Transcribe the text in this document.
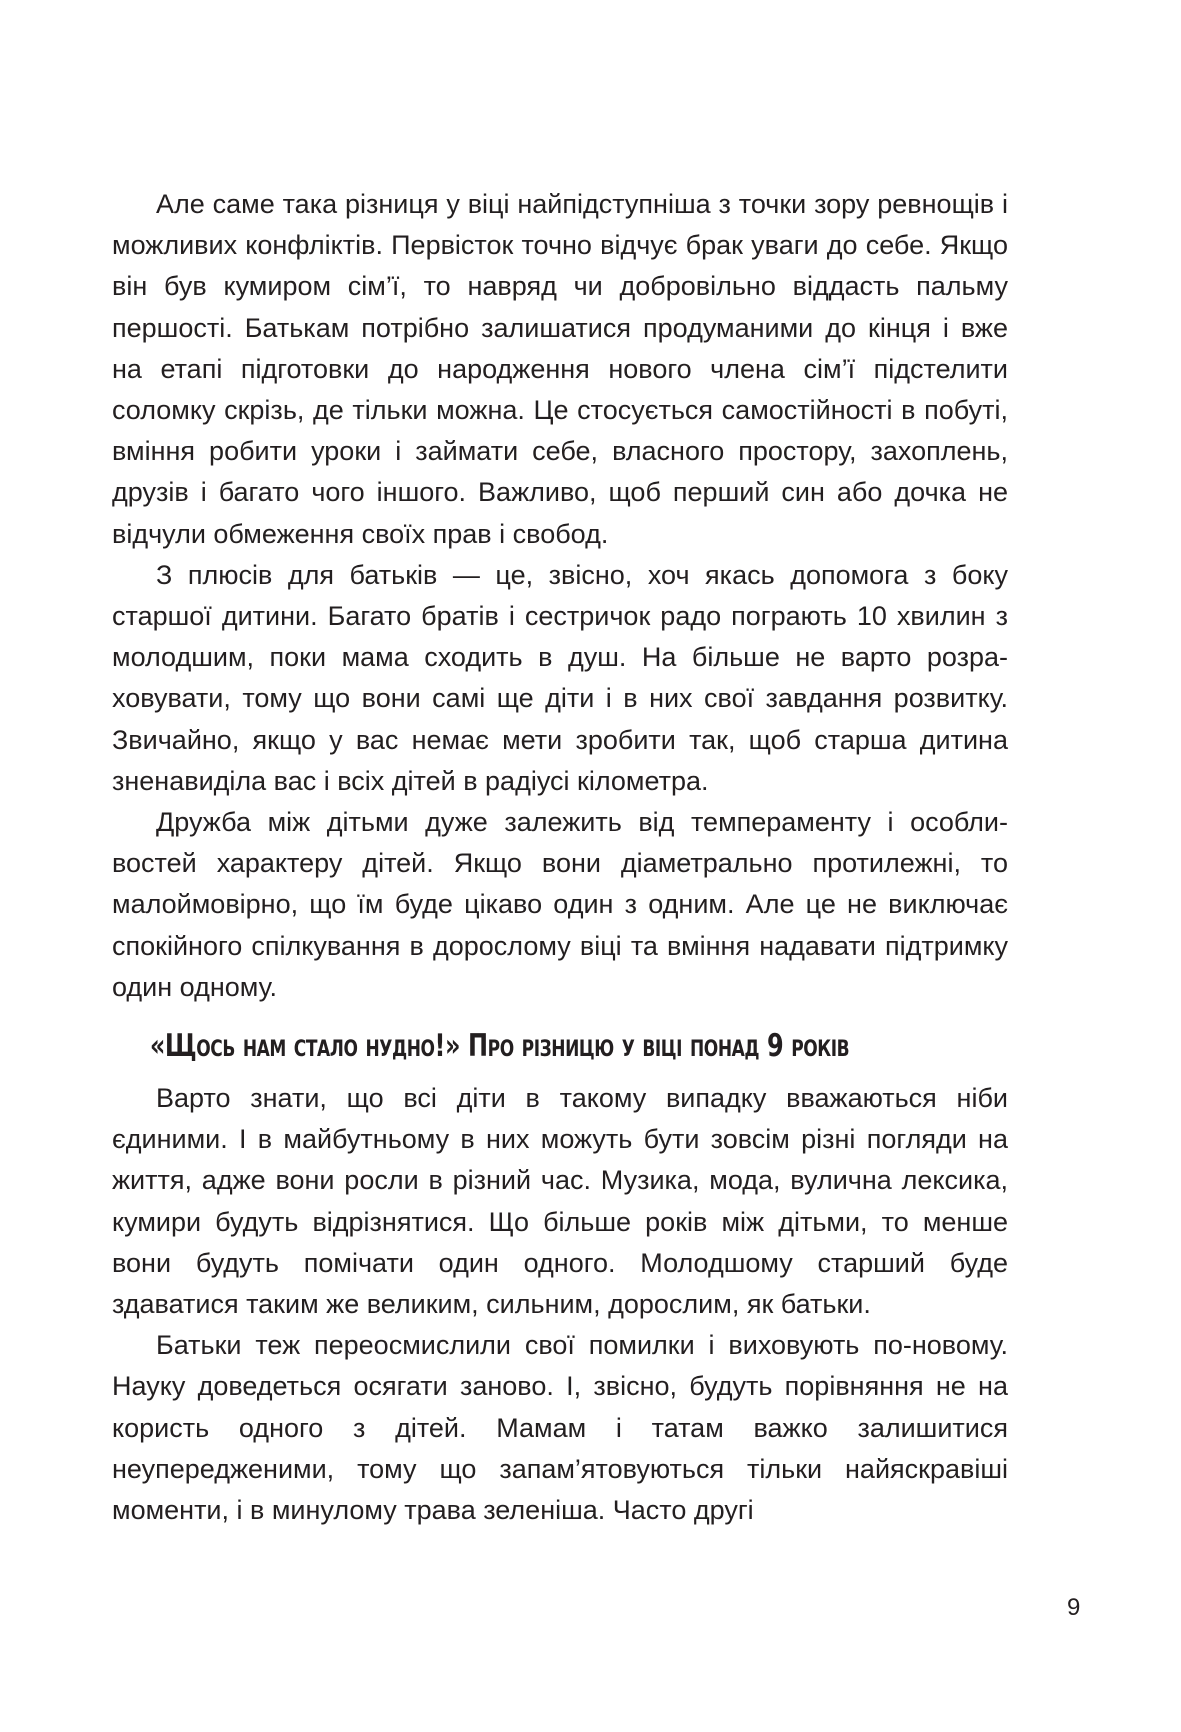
Але саме така різниця у віці найпідступніша з точки зору ревнощів і можливих конфліктів. Первісток точно відчує брак уваги до себе. Якщо він був кумиром сім’ї, то навряд чи добровільно віддасть пальму першості. Батькам потрібно залишатися продуманими до кінця і вже на етапі підготовки до народження нового члена сім’ї підстелити соломку скрізь, де тільки можна. Це стосується самостійності в побуті, вміння робити уроки і займати себе, власного простору, захоплень, друзів і багато чого іншого. Важливо, щоб перший син або дочка не відчули обмеження своїх прав і свобод.

З плюсів для батьків — це, звісно, хоч якась допомога з боку старшої дитини. Багато братів і сестричок радо пограють 10 хвилин з молодшим, поки мама сходить в душ. На більше не варто розраховувати, тому що вони самі ще діти і в них свої завдання розвитку. Звичайно, якщо у вас немає мети зробити так, щоб старша дитина зненавиділа вас і всіх дітей в радіусі кілометра.

Дружба між дітьми дуже залежить від темпераменту і особливостей характеру дітей. Якщо вони діаметрально протилежні, то малоймовірно, що їм буде цікаво один з одним. Але це не виключає спокійного спілкування в дорослому віці та вміння надавати підтримку один одному.

«Щось нам стало нудно!» Про різницю у віці понад 9 років

Варто знати, що всі діти в такому випадку вважаються ніби єдиними. І в майбутньому в них можуть бути зовсім різні погляди на життя, адже вони росли в різний час. Музика, мода, вулична лексика, кумири будуть відрізнятися. Що більше років між дітьми, то менше вони будуть помічати один одного. Молодшому старший буде здаватися таким же великим, сильним, дорослим, як батьки.

Батьки теж переосмислили свої помилки і виховують по-новому. Науку доведеться осягати заново. І, звісно, будуть порівняння не на користь одного з дітей. Мамам і татам важко залишитися неупередженими, тому що запам’ятовуються тільки найяскравіші моменти, і в минулому трава зеленіша. Часто другі

9
